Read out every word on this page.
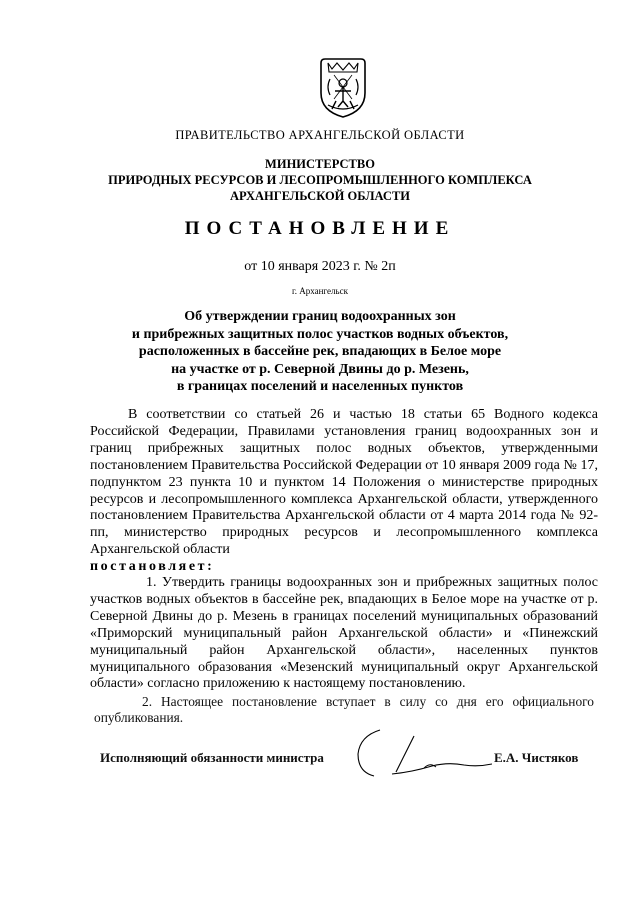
ПРАВИТЕЛЬСТВО АРХАНГЕЛЬСКОЙ ОБЛАСТИ
МИНИСТЕРСТВО
ПРИРОДНЫХ РЕСУРСОВ И ЛЕСОПРОМЫШЛЕННОГО КОМПЛЕКСА
АРХАНГЕЛЬСКОЙ ОБЛАСТИ
ПОСТАНОВЛЕНИЕ
от 10 января 2023 г. № 2п
г. Архангельск
Об утверждении границ водоохранных зон
и прибрежных защитных полос участков водных объектов,
расположенных в бассейне рек, впадающих в Белое море
на участке от р. Северной Двины до р. Мезень,
в границах поселений и населенных пунктов
В соответствии со статьей 26 и частью 18 статьи 65 Водного кодекса Российской Федерации, Правилами установления границ водоохранных зон и границ прибрежных защитных полос водных объектов, утвержденными постановлением Правительства Российской Федерации от 10 января 2009 года № 17, подпунктом 23 пункта 10 и пунктом 14 Положения о министерстве природных ресурсов и лесопромышленного комплекса Архангельской области, утвержденного постановлением Правительства Архангельской области от 4 марта 2014 года № 92-пп, министерство природных ресурсов и лесопромышленного комплекса Архангельской области
постановляет:
1. Утвердить границы водоохранных зон и прибрежных защитных полос участков водных объектов в бассейне рек, впадающих в Белое море на участке от р. Северной Двины до р. Мезень в границах поселений муниципальных образований «Приморский муниципальный район Архангельской области» и «Пинежский муниципальный район Архангельской области», населенных пунктов муниципального образования «Мезенский муниципальный округ Архангельской области» согласно приложению к настоящему постановлению.
2. Настоящее постановление вступает в силу со дня его официального опубликования.
Исполняющий обязанности министра	Е.А. Чистяков
